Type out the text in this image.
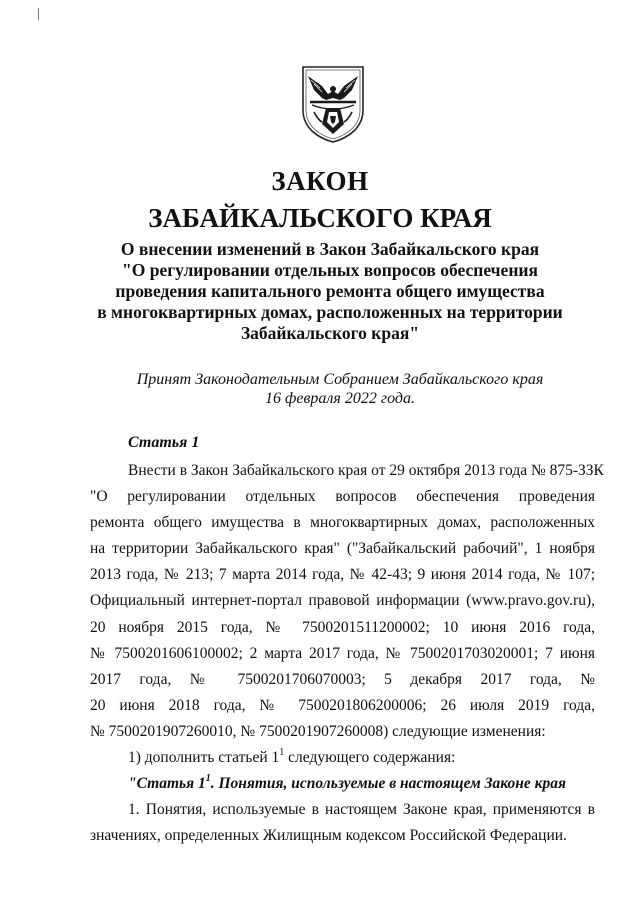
ЗАКОН
ЗАБАЙКАЛЬСКОГО КРАЯ
О внесении изменений в Закон Забайкальского края
"О регулировании отдельных вопросов обеспечения
проведения капитального ремонта общего имущества
в многоквартирных домах, расположенных на территории
Забайкальского края"
Принят Законодательным Собранием Забайкальского края
16 февраля 2022 года.
Статья 1
Внести в Закон Забайкальского края от 29 октября 2013 года № 875-ЗЗК
"О регулировании отдельных вопросов обеспечения проведения
ремонта общего имущества в многоквартирных домах, расположенных
на территории Забайкальского края" ("Забайкальский рабочий", 1 ноября
2013 года, № 213; 7 марта 2014 года, № 42-43; 9 июня 2014 года, № 107;
Официальный интернет-портал правовой информации (www.pravo.gov.ru),
20 ноября 2015 года, № 7500201511200002; 10 июня 2016 года,
№ 7500201606100002; 2 марта 2017 года, № 7500201703020001; 7 июня
2017 года, № 7500201706070003; 5 декабря 2017 года, №
20 июня 2018 года, № 7500201806200006; 26 июля 2019 года,
№ 7500201907260010, № 7500201907260008) следующие изменения:
1) дополнить статьей $1^1$ следующего содержания:
"Статья $1^1$. Понятия, используемые в настоящем Законе края
1. Понятия, используемые в настоящем Законе края, применяются в
значениях, определенных Жилищным кодексом Российской Федерации.
